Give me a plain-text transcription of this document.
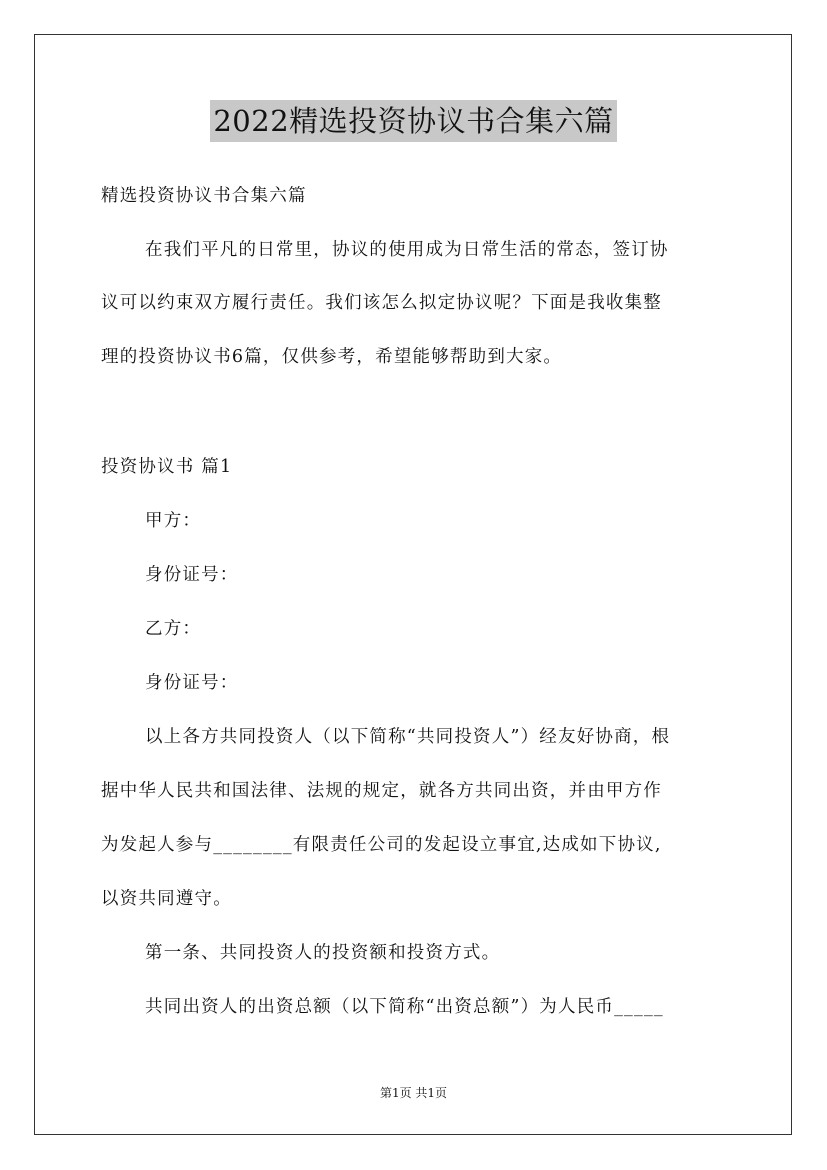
2022精选投资协议书合集六篇
精选投资协议书合集六篇
在我们平凡的日常里，协议的使用成为日常生活的常态，签订协
议可以约束双方履行责任。我们该怎么拟定协议呢？下面是我收集整
理的投资协议书6篇，仅供参考，希望能够帮助到大家。
投资协议书 篇1
甲方：
身份证号：
乙方：
身份证号：
以上各方共同投资人（以下简称“共同投资人”）经友好协商，根
据中华人民共和国法律、法规的规定，就各方共同出资，并由甲方作
为发起人参与________有限责任公司的发起设立事宜,达成如下协议,
以资共同遵守。
第一条、共同投资人的投资额和投资方式。
共同出资人的出资总额（以下简称“出资总额”）为人民币_____
第1页 共1页
